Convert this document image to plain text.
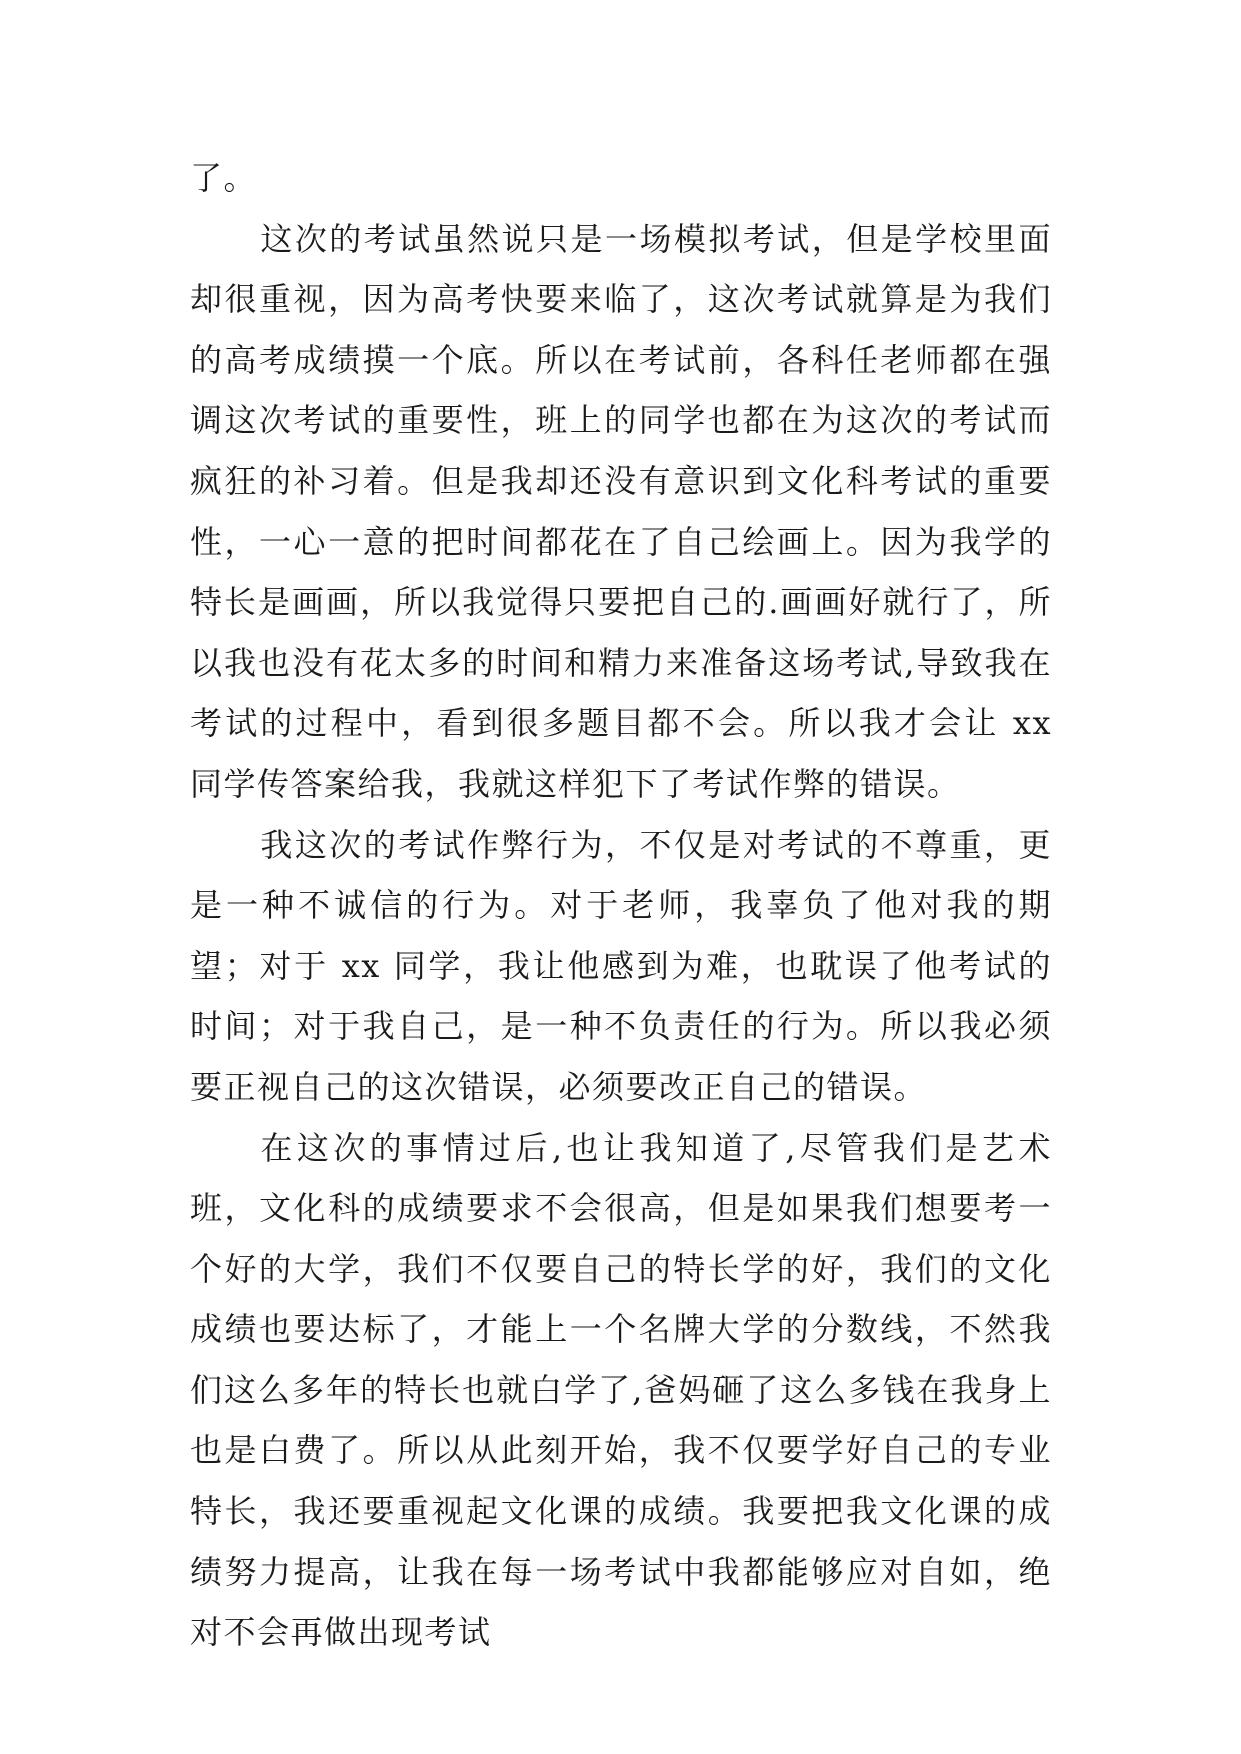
了。

这次的考试虽然说只是一场模拟考试，但是学校里面却很重视，因为高考快要来临了，这次考试就算是为我们的高考成绩摸一个底。所以在考试前，各科任老师都在强调这次考试的重要性，班上的同学也都在为这次的考试而疯狂的补习着。但是我却还没有意识到文化科考试的重要性，一心一意的把时间都花在了自己绘画上。因为我学的特长是画画，所以我觉得只要把自己的.画画好就行了，所以我也没有花太多的时间和精力来准备这场考试,导致我在考试的过程中，看到很多题目都不会。所以我才会让 xx 同学传答案给我，我就这样犯下了考试作弊的错误。

我这次的考试作弊行为，不仅是对考试的不尊重，更是一种不诚信的行为。对于老师，我辜负了他对我的期望；对于 xx 同学，我让他感到为难，也耽误了他考试的时间；对于我自己，是一种不负责任的行为。所以我必须要正视自己的这次错误，必须要改正自己的错误。

在这次的事情过后,也让我知道了,尽管我们是艺术班，文化科的成绩要求不会很高，但是如果我们想要考一个好的大学，我们不仅要自己的特长学的好，我们的文化成绩也要达标了，才能上一个名牌大学的分数线，不然我们这么多年的特长也就白学了,爸妈砸了这么多钱在我身上也是白费了。所以从此刻开始，我不仅要学好自己的专业特长，我还要重视起文化课的成绩。我要把我文化课的成绩努力提高，让我在每一场考试中我都能够应对自如，绝对不会再做出现考试
